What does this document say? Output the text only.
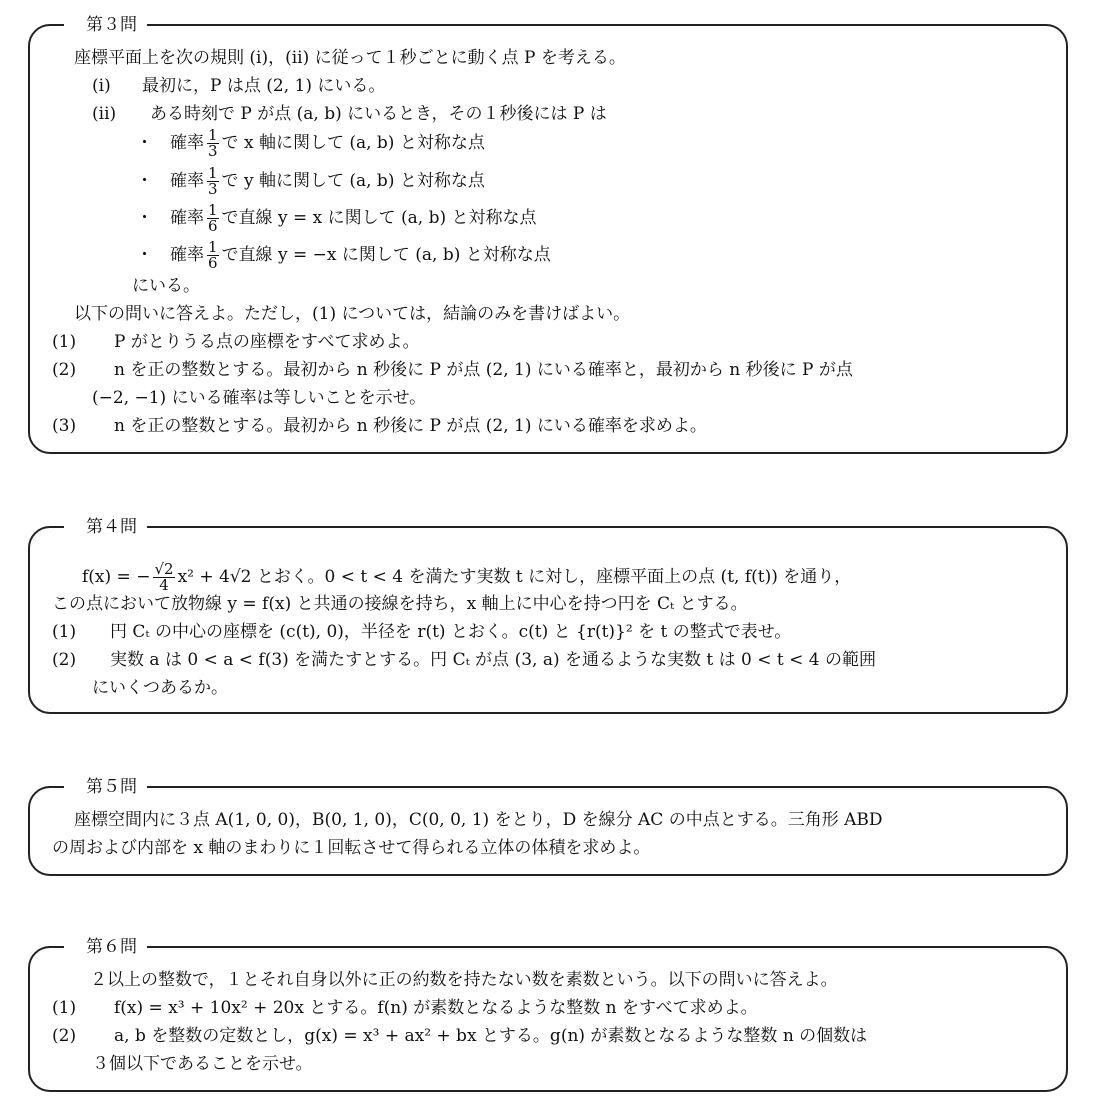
第３問
座標平面上を次の規則 (i)，(ii) に従って１秒ごとに動く点 P を考える。
(i) 最初に，P は点 (2, 1) にいる。
(ii) ある時刻で P が点 (a, b) にいるとき，その１秒後には P は
・　確率 $\frac{1}{3}$ で x 軸に関して (a, b) と対称な点
・　確率 $\frac{1}{3}$ で y 軸に関して (a, b) と対称な点
・　確率 $\frac{1}{6}$ で直線 y = x に関して (a, b) と対称な点
・　確率 $\frac{1}{6}$ で直線 y = −x に関して (a, b) と対称な点
にいる。
以下の問いに答えよ。ただし，(1) については，結論のみを書けばよい。
(1) P がとりうる点の座標をすべて求めよ。
(2) n を正の整数とする。最初から n 秒後に P が点 (2, 1) にいる確率と，最初から n 秒後に P が点
(−2, −1) にいる確率は等しいことを示せ。
(3) n を正の整数とする。最初から n 秒後に P が点 (2, 1) にいる確率を求めよ。
第４問
f(x) = − $\frac{√2}{4} x^2 + 4√2$ とおく。0 < t < 4 を満たす実数 t に対し，座標平面上の点 (t, f(t)) を通り，
この点において放物線 y = f(x) と共通の接線を持ち，x 軸上に中心を持つ円を Cₜ とする。
(1) 円 Cₜ の中心の座標を (c(t), 0)，半径を r(t) とおく。c(t) と {r(t)}² を t の整式で表せ。
(2) 実数 a は 0 < a < f(3) を満たすとする。円 Cₜ が点 (3, a) を通るような実数 t は 0 < t < 4 の範囲
にいくつあるか。
第５問
座標空間内に３点 A(1, 0, 0)，B(0, 1, 0)，C(0, 0, 1) をとり，D を線分 AC の中点とする。三角形 ABD
の周および内部を x 軸のまわりに１回転させて得られる立体の体積を求めよ。
第６問
２以上の整数で，１とそれ自身以外に正の約数を持たない数を素数という。以下の問いに答えよ。
(1) f(x) = x³ + 10x² + 20x とする。f(n) が素数となるような整数 n をすべて求めよ。
(2) a, b を整数の定数とし，g(x) = x³ + ax² + bx とする。g(n) が素数となるような整数 n の個数は
３個以下であることを示せ。
